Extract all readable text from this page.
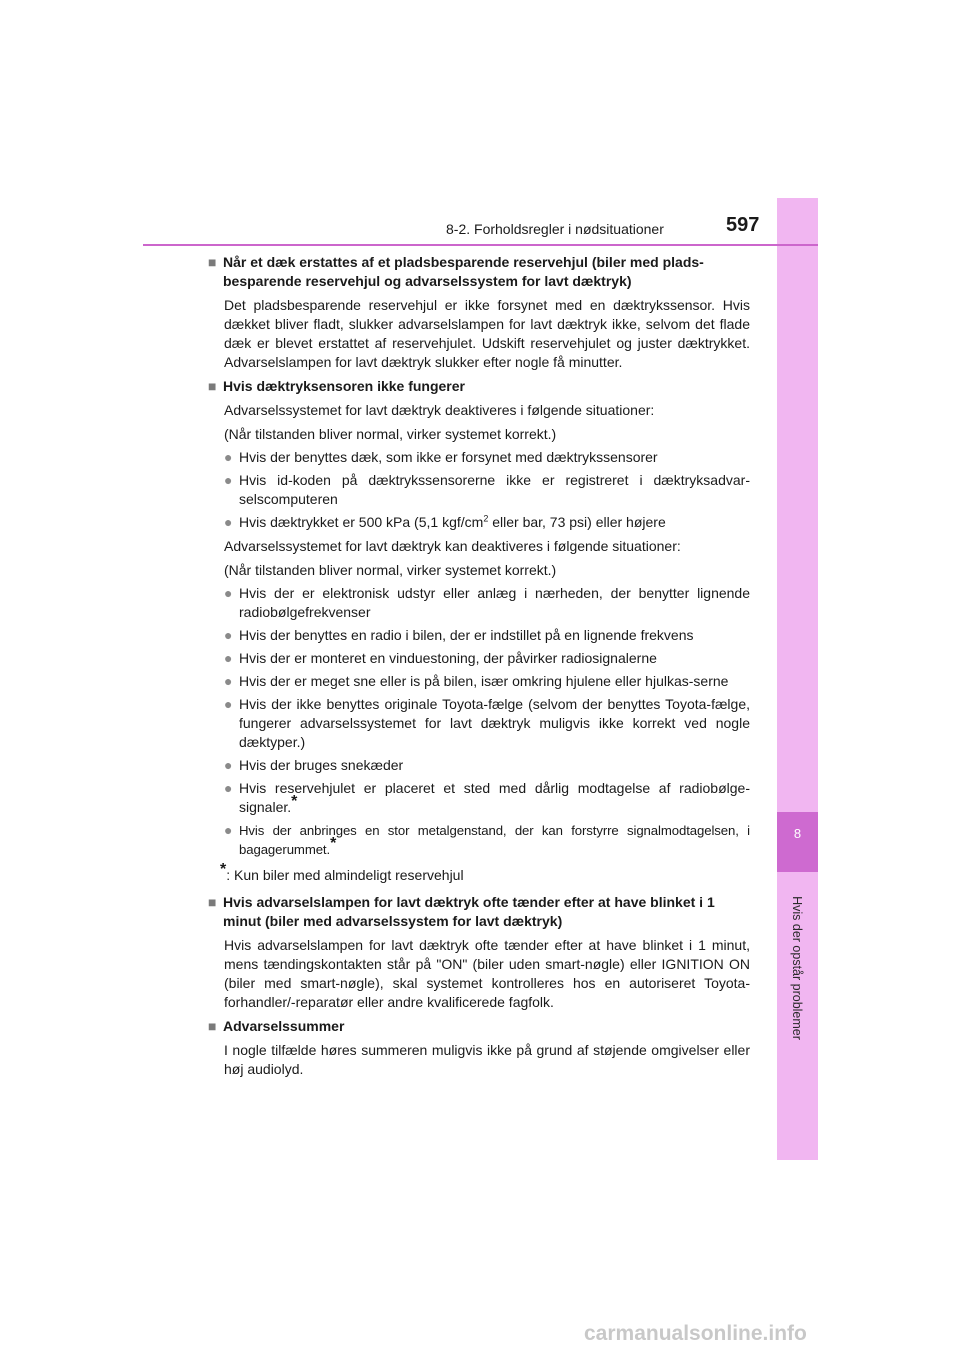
8
Hvis der opstår problemer
8-2. Forholdsregler i nødsituationer	597
■ Når et dæk erstattes af et pladsbesparende reservehjul (biler med plads-besparende reservehjul og advarselssystem for lavt dæktryk)
Det pladsbesparende reservehjul er ikke forsynet med en dæktrykssensor. Hvis dækket bliver fladt, slukker advarselslampen for lavt dæktryk ikke, selvom det flade dæk er blevet erstattet af reservehjulet. Udskift reservehjulet og juster dæktrykket. Advarselslampen for lavt dæktryk slukker efter nogle få minutter.
■ Hvis dæktryksensoren ikke fungerer
Advarselssystemet for lavt dæktryk deaktiveres i følgende situationer:
(Når tilstanden bliver normal, virker systemet korrekt.)
● Hvis der benyttes dæk, som ikke er forsynet med dæktrykssensorer
● Hvis id-koden på dæktrykssensorerne ikke er registreret i dæktryksadvar-selscomputeren
● Hvis dæktrykket er 500 kPa (5,1 kgf/$cm^2$ eller bar, 73 psi) eller højere
Advarselssystemet for lavt dæktryk kan deaktiveres i følgende situationer:
(Når tilstanden bliver normal, virker systemet korrekt.)
● Hvis der er elektronisk udstyr eller anlæg i nærheden, der benytter lignende radiobølgefrekvenser
● Hvis der benyttes en radio i bilen, der er indstillet på en lignende frekvens
● Hvis der er monteret en vinduestoning, der påvirker radiosignalerne
● Hvis der er meget sne eller is på bilen, især omkring hjulene eller hjulkas-serne
● Hvis der ikke benyttes originale Toyota-fælge (selvom der benyttes Toyota-fælge, fungerer advarselssystemet for lavt dæktryk muligvis ikke korrekt ved nogle dæktyper.)
● Hvis der bruges snekæder
● Hvis reservehjulet er placeret et sted med dårlig modtagelse af radiobølge-signaler.*
● Hvis der anbringes en stor metalgenstand, der kan forstyrre signalmodtagelsen, i bagagerummet.*
*: Kun biler med almindeligt reservehjul
■ Hvis advarselslampen for lavt dæktryk ofte tænder efter at have blinket i 1 minut (biler med advarselssystem for lavt dæktryk)
Hvis advarselslampen for lavt dæktryk ofte tænder efter at have blinket i 1 minut, mens tændingskontakten står på "ON" (biler uden smart-nøgle) eller IGNITION ON (biler med smart-nøgle), skal systemet kontrolleres hos en autoriseret Toyota-forhandler/-reparatør eller andre kvalificerede fagfolk.
■ Advarselssummer
I nogle tilfælde høres summeren muligvis ikke på grund af støjende omgivelser eller høj audiolyd.
carmanualsonline.info
